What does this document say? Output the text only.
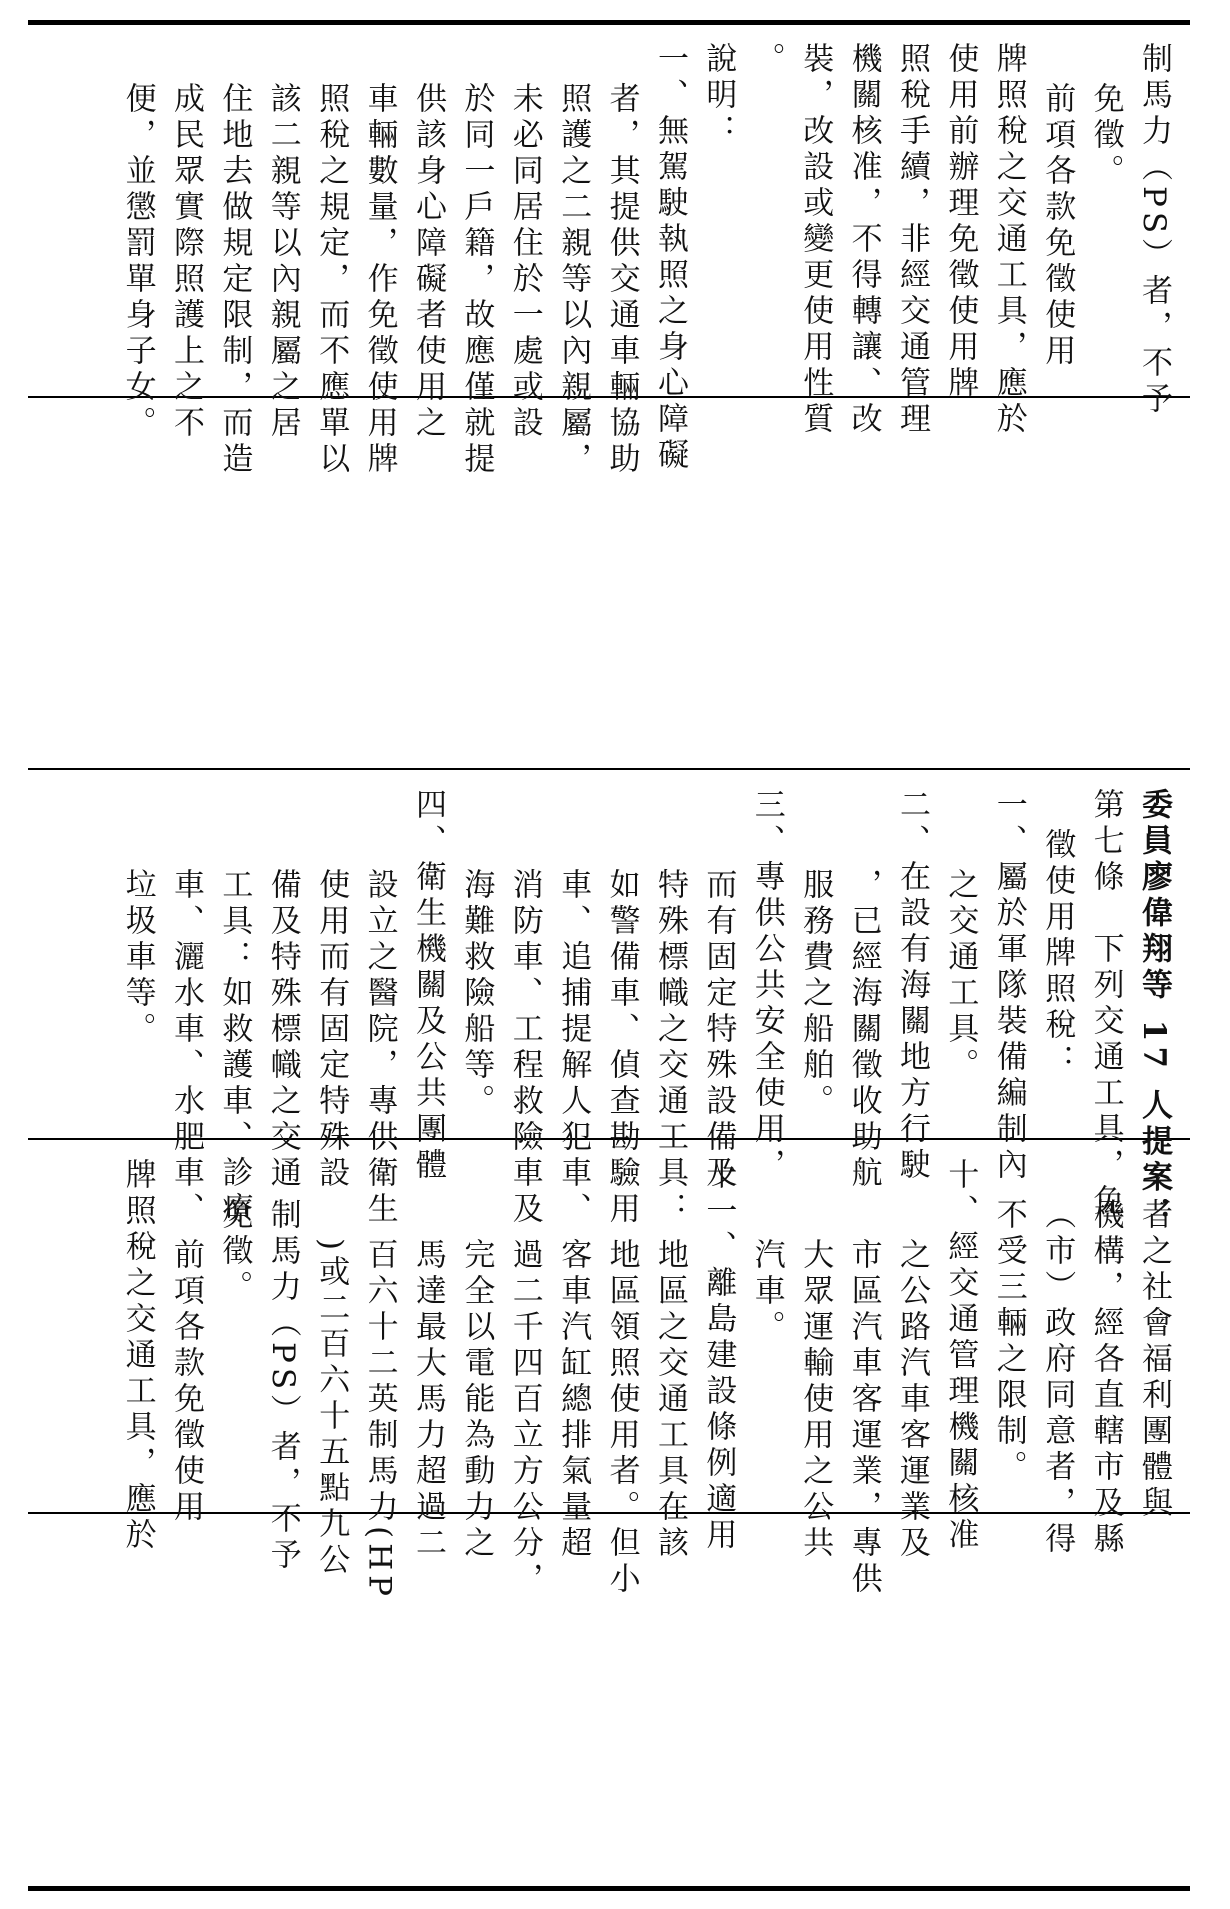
制馬力（PS）者，不予
免徵。
前項各款免徵使用
牌照稅之交通工具，應於
使用前辦理免徵使用牌
照稅手續，非經交通管理
機關核准，不得轉讓、改
裝，改設或變更使用性質
。
說明：
一、無駕駛執照之身心障礙
者，其提供交通車輛協助
照護之二親等以內親屬，
未必同居住於一處或設
於同一戶籍，故應僅就提
供該身心障礙者使用之
車輛數量，作免徵使用牌
照稅之規定，而不應單以
該二親等以內親屬之居
住地去做規定限制，而造
成民眾實際照護上之不
便，並懲罰單身子女。
委員廖偉翔等 17 人提案：
第七條　下列交通工具，免
徵使用牌照稅：
一、屬於軍隊裝備編制內
之交通工具。
二、在設有海關地方行駛
，已經海關徵收助航
服務費之船舶。
三、專供公共安全使用，
而有固定特殊設備及
特殊標幟之交通工具：
如警備車、偵查勘驗用
車、追捕提解人犯車、
消防車、工程救險車及
海難救險船等。
四、衛生機關及公共團體
設立之醫院，專供衛生
使用而有固定特殊設
備及特殊標幟之交通
工具：如救護車、診療
車、灑水車、水肥車、
垃圾車等。
者之社會福利團體與
機構，經各直轄市及縣
（市）政府同意者，得
不受三輛之限制。
十、經交通管理機關核准
之公路汽車客運業及
市區汽車客運業，專供
大眾運輸使用之公共
汽車。
十一、離島建設條例適用
地區之交通工具在該
地區領照使用者。但小
客車汽缸總排氣量超
過二千四百立方公分，
完全以電能為動力之
馬達最大馬力超過二
百六十二英制馬力(HP
)或二百六十五點九公
制馬力（PS）者，不予
免徵。
前項各款免徵使用
牌照稅之交通工具，應於
